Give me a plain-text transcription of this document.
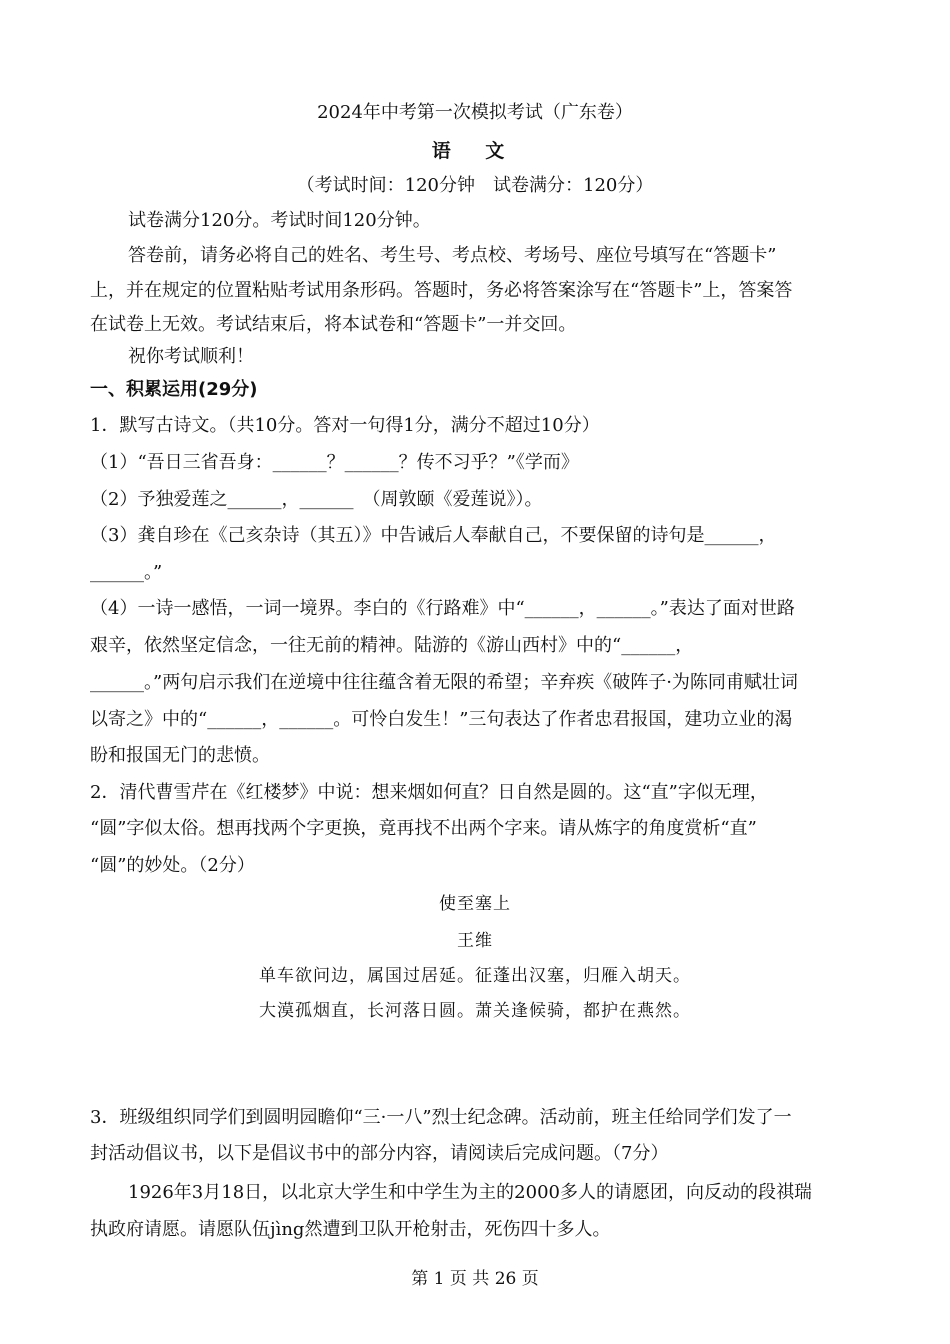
2024年中考第一次模拟考试（广东卷）
语 文
（考试时间：120分钟　试卷满分：120分）
试卷满分120分。考试时间120分钟。
答卷前，请务必将自己的姓名、考生号、考点校、考场号、座位号填写在“答题卡”
上，并在规定的位置粘贴考试用条形码。答题时，务必将答案涂写在“答题卡”上，答案答
在试卷上无效。考试结束后，将本试卷和“答题卡”一并交回。
祝你考试顺利！
一、积累运用(29分)
1．默写古诗文。（共10分。答对一句得1分，满分不超过10分）
（1）“吾日三省吾身：______？______？传不习乎？”《学而》
（2）予独爱莲之______，______　（周敦颐《爱莲说》）。
（3）龚自珍在《己亥杂诗（其五）》中告诫后人奉献自己，不要保留的诗句是______，
______。”
（4）一诗一感悟，一词一境界。李白的《行路难》中“______，______。”表达了面对世路
艰辛，依然坚定信念，一往无前的精神。陆游的《游山西村》中的“______，
______。”两句启示我们在逆境中往往蕴含着无限的希望；辛弃疾《破阵子·为陈同甫赋壮词
以寄之》中的“______，______。可怜白发生！”三句表达了作者忠君报国，建功立业的渴
盼和报国无门的悲愤。
2．清代曹雪芹在《红楼梦》中说：想来烟如何直？日自然是圆的。这“直”字似无理，
“圆”字似太俗。想再找两个字更换，竟再找不出两个字来。请从炼字的角度赏析“直”
“圆”的妙处。（2分）
使至塞上
王维
单车欲问边，属国过居延。征蓬出汉塞，归雁入胡天。
大漠孤烟直，长河落日圆。萧关逢候骑，都护在燕然。
3．班级组织同学们到圆明园瞻仰“三·一八”烈士纪念碑。活动前，班主任给同学们发了一
封活动倡议书，以下是倡议书中的部分内容，请阅读后完成问题。（7分）
1926年3月18日，以北京大学生和中学生为主的2000多人的请愿团，向反动的段祺瑞
执政府请愿。请愿队伍jìng然遭到卫队开枪射击，死伤四十多人。
第 1 页 共 26 页
